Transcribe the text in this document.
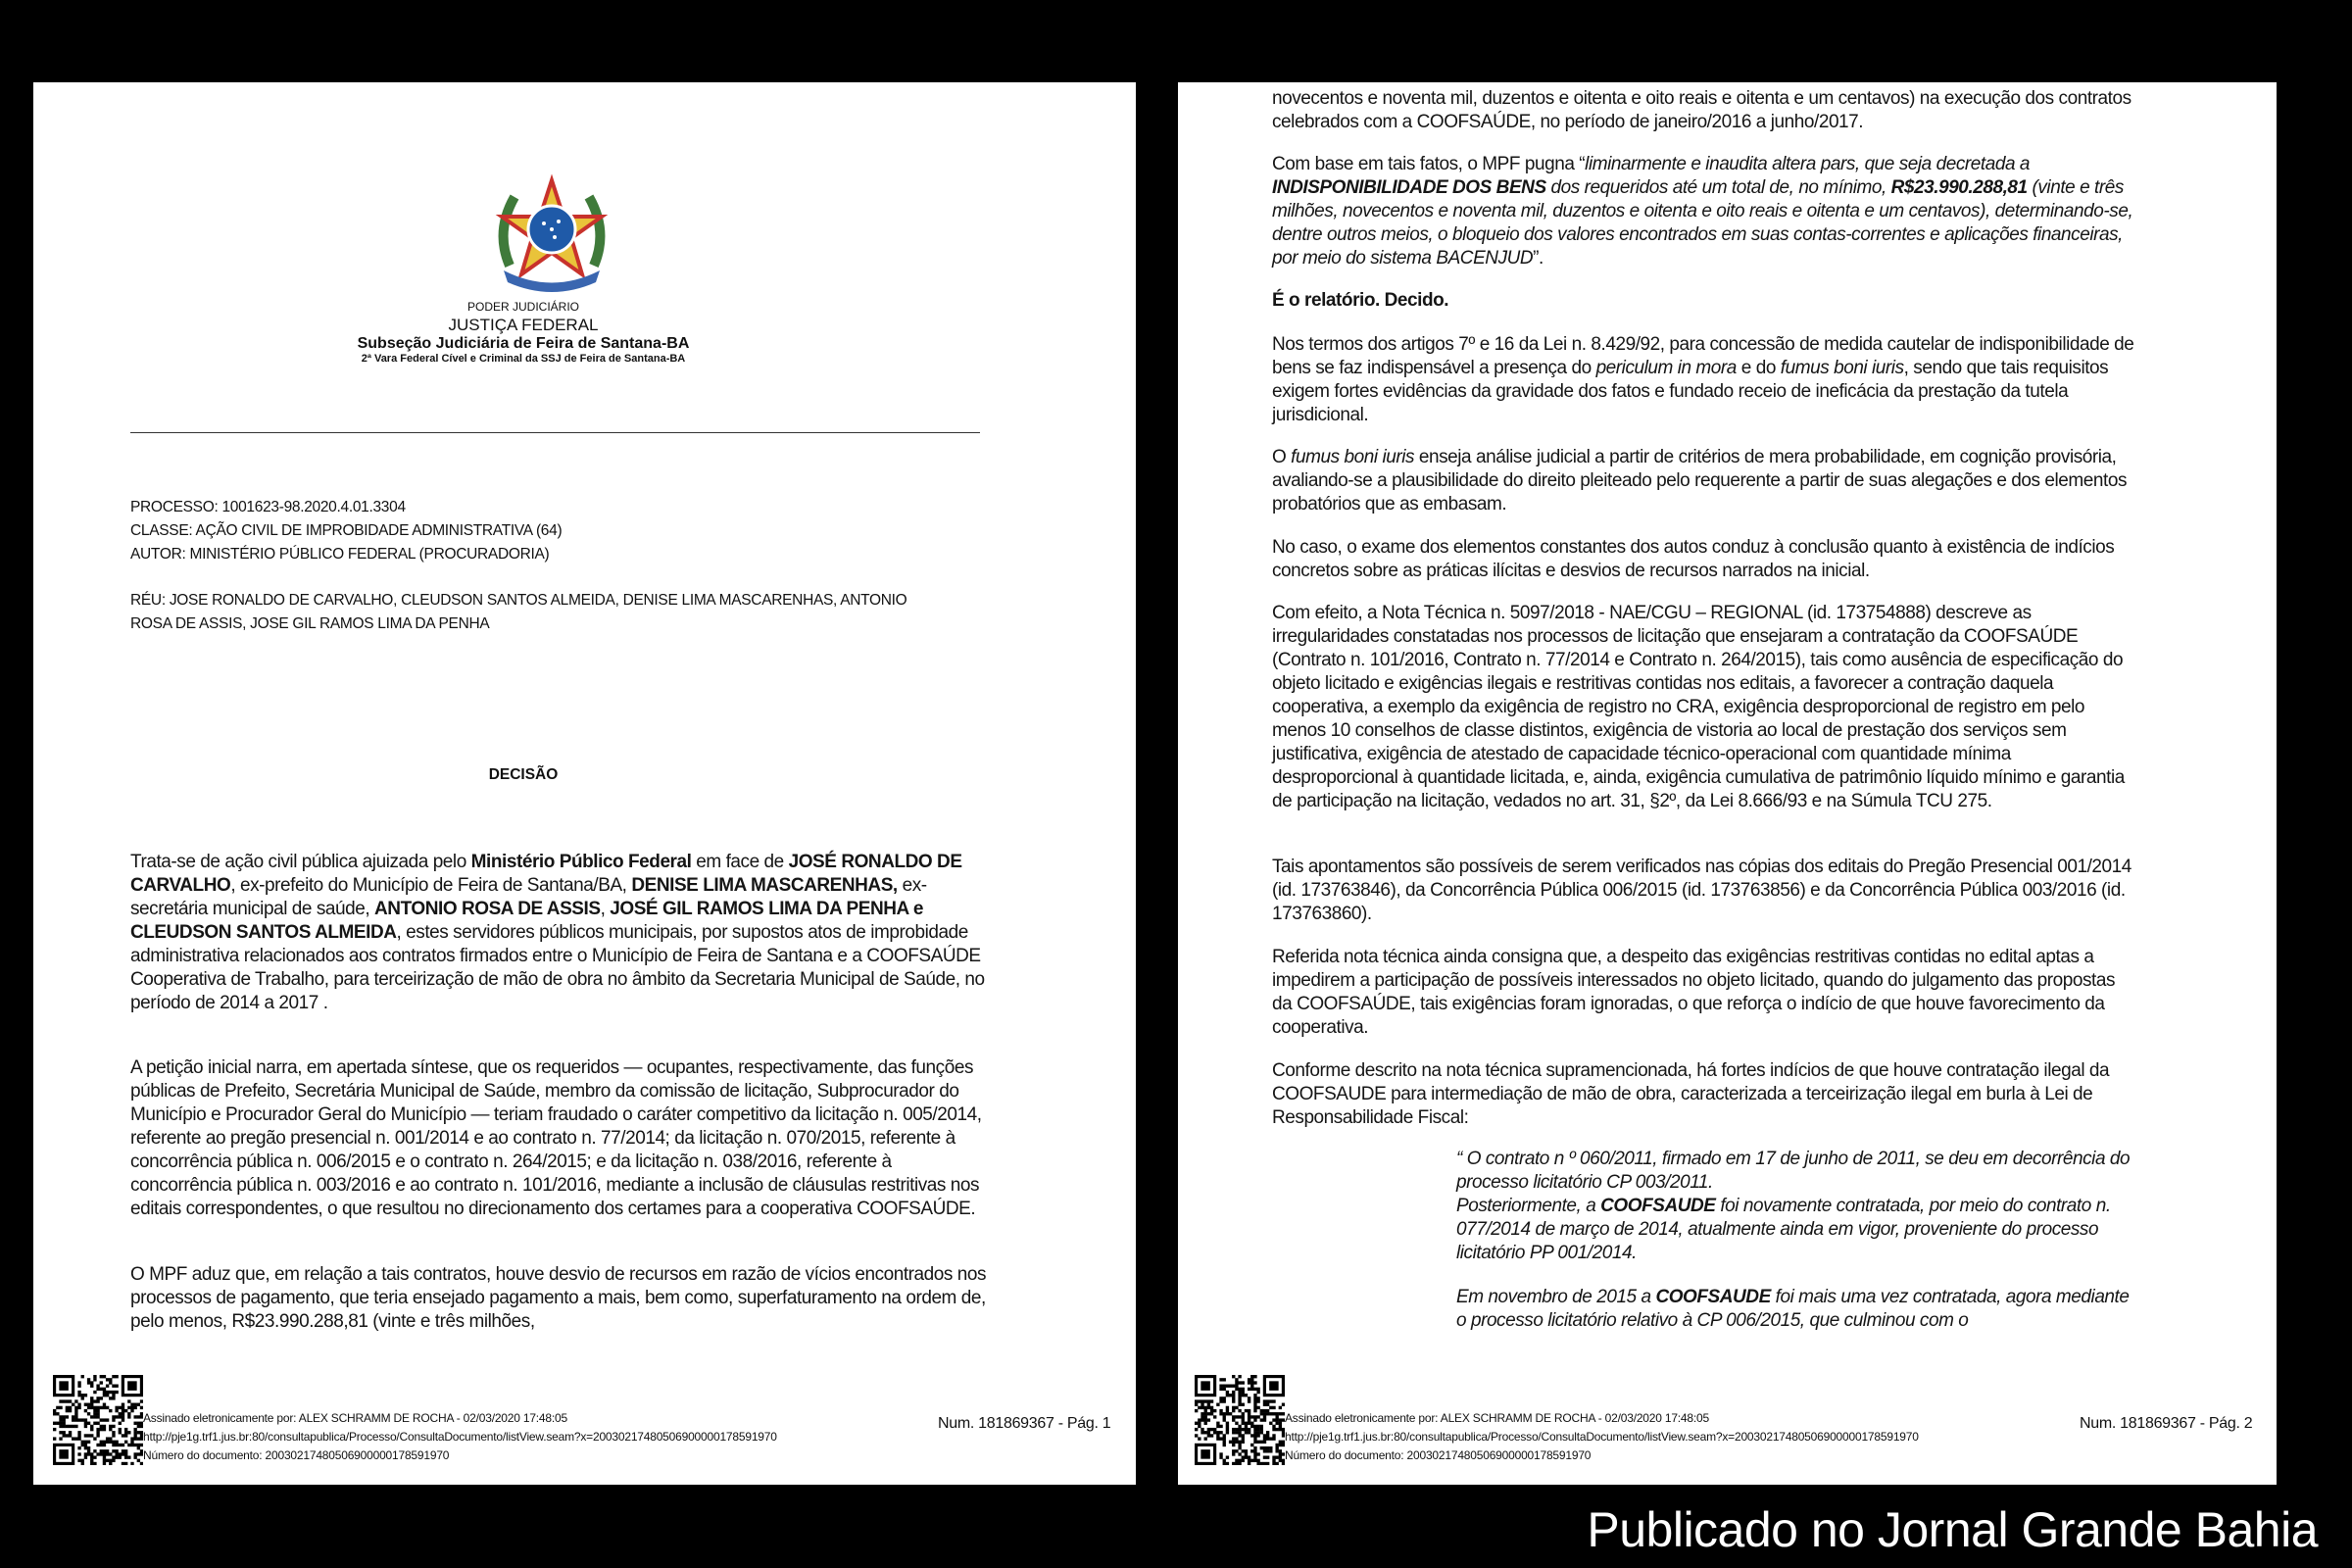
PODER JUDICIÁRIO
JUSTIÇA FEDERAL
Subseção Judiciária de Feira de Santana-BA
2ª Vara Federal Cível e Criminal da SSJ de Feira de Santana-BA
PROCESSO: 1001623-98.2020.4.01.3304
CLASSE: AÇÃO CIVIL DE IMPROBIDADE ADMINISTRATIVA (64)
AUTOR: MINISTÉRIO PÚBLICO FEDERAL (PROCURADORIA)
RÉU: JOSE RONALDO DE CARVALHO, CLEUDSON SANTOS ALMEIDA, DENISE LIMA MASCARENHAS, ANTONIO
ROSA DE ASSIS, JOSE GIL RAMOS LIMA DA PENHA
DECISÃO
Trata-se de ação civil pública ajuizada pelo Ministério Público Federal em face de JOSÉ RONALDO DE CARVALHO, ex-prefeito do Município de Feira de Santana/BA, DENISE LIMA MASCARENHAS, ex-secretária municipal de saúde, ANTONIO ROSA DE ASSIS, JOSÉ GIL RAMOS LIMA DA PENHA e CLEUDSON SANTOS ALMEIDA, estes servidores públicos municipais, por supostos atos de improbidade administrativa relacionados aos contratos firmados entre o Município de Feira de Santana e a COOFSAÚDE Cooperativa de Trabalho, para terceirização de mão de obra no âmbito da Secretaria Municipal de Saúde, no período de 2014 a 2017 .
A petição inicial narra, em apertada síntese, que os requeridos — ocupantes, respectivamente, das funções públicas de Prefeito, Secretária Municipal de Saúde, membro da comissão de licitação, Subprocurador do Município e Procurador Geral do Município — teriam fraudado o caráter competitivo da licitação n. 005/2014, referente ao pregão presencial n. 001/2014 e ao contrato n. 77/2014; da licitação n. 070/2015, referente à concorrência pública n. 006/2015 e o contrato n. 264/2015; e da licitação n. 038/2016, referente à concorrência pública n. 003/2016 e ao contrato n. 101/2016, mediante a inclusão de cláusulas restritivas nos editais correspondentes, o que resultou no direcionamento dos certames para a cooperativa COOFSAÚDE.
O MPF aduz que, em relação a tais contratos, houve desvio de recursos em razão de vícios encontrados nos processos de pagamento, que teria ensejado pagamento a mais, bem como, superfaturamento na ordem de, pelo menos, R$23.990.288,81 (vinte e três milhões,
Assinado eletronicamente por: ALEX SCHRAMM DE ROCHA - 02/03/2020 17:48:05
http://pje1g.trf1.jus.br:80/consultapublica/Processo/ConsultaDocumento/listView.seam?x=20030217480506900000178591970
Número do documento: 20030217480506900000178591970
Num. 181869367 - Pág. 1
novecentos e noventa mil, duzentos e oitenta e oito reais e oitenta e um centavos) na execução dos contratos celebrados com a COOFSAÚDE, no período de janeiro/2016 a junho/2017.
Com base em tais fatos, o MPF pugna “liminarmente e inaudita altera pars, que seja decretada a INDISPONIBILIDADE DOS BENS dos requeridos até um total de, no mínimo, R$23.990.288,81 (vinte e três milhões, novecentos e noventa mil, duzentos e oitenta e oito reais e oitenta e um centavos), determinando-se, dentre outros meios, o bloqueio dos valores encontrados em suas contas-correntes e aplicações financeiras, por meio do sistema BACENJUD”.
É o relatório. Decido.
Nos termos dos artigos 7º e 16 da Lei n. 8.429/92, para concessão de medida cautelar de indisponibilidade de bens se faz indispensável a presença do periculum in mora e do fumus boni iuris, sendo que tais requisitos exigem fortes evidências da gravidade dos fatos e fundado receio de ineficácia da prestação da tutela jurisdicional.
O fumus boni iuris enseja análise judicial a partir de critérios de mera probabilidade, em cognição provisória, avaliando-se a plausibilidade do direito pleiteado pelo requerente a partir de suas alegações e dos elementos probatórios que as embasam.
No caso, o exame dos elementos constantes dos autos conduz à conclusão quanto à existência de indícios concretos sobre as práticas ilícitas e desvios de recursos narrados na inicial.
Com efeito, a Nota Técnica n. 5097/2018 - NAE/CGU – REGIONAL (id. 173754888) descreve as irregularidades constatadas nos processos de licitação que ensejaram a contratação da COOFSAÚDE (Contrato n. 101/2016, Contrato n. 77/2014 e Contrato n. 264/2015), tais como ausência de especificação do objeto licitado e exigências ilegais e restritivas contidas nos editais, a favorecer a contração daquela cooperativa, a exemplo da exigência de registro no CRA, exigência desproporcional de registro em pelo menos 10 conselhos de classe distintos, exigência de vistoria ao local de prestação dos serviços sem justificativa, exigência de atestado de capacidade técnico-operacional com quantidade mínima desproporcional à quantidade licitada, e, ainda, exigência cumulativa de patrimônio líquido mínimo e garantia de participação na licitação, vedados no art. 31, §2º, da Lei 8.666/93 e na Súmula TCU 275.
Tais apontamentos são possíveis de serem verificados nas cópias dos editais do Pregão Presencial 001/2014 (id. 173763846), da Concorrência Pública 006/2015 (id. 173763856) e da Concorrência Pública 003/2016 (id. 173763860).
Referida nota técnica ainda consigna que, a despeito das exigências restritivas contidas no edital aptas a impedirem a participação de possíveis interessados no objeto licitado, quando do julgamento das propostas da COOFSAÚDE, tais exigências foram ignoradas, o que reforça o indício de que houve favorecimento da cooperativa.
Conforme descrito na nota técnica supramencionada, há fortes indícios de que houve contratação ilegal da COOFSAUDE para intermediação de mão de obra, caracterizada a terceirização ilegal em burla à Lei de Responsabilidade Fiscal:
“ O contrato n º 060/2011, firmado em 17 de junho de 2011, se deu em decorrência do processo licitatório CP 003/2011.
Posteriormente, a COOFSAUDE foi novamente contratada, por meio do contrato n. 077/2014 de março de 2014, atualmente ainda em vigor, proveniente do processo licitatório PP 001/2014.
Em novembro de 2015 a COOFSAUDE foi mais uma vez contratada, agora mediante o processo licitatório relativo à CP 006/2015, que culminou com o
Assinado eletronicamente por: ALEX SCHRAMM DE ROCHA - 02/03/2020 17:48:05
http://pje1g.trf1.jus.br:80/consultapublica/Processo/ConsultaDocumento/listView.seam?x=20030217480506900000178591970
Número do documento: 20030217480506900000178591970
Num. 181869367 - Pág. 2
Publicado no Jornal Grande Bahia
